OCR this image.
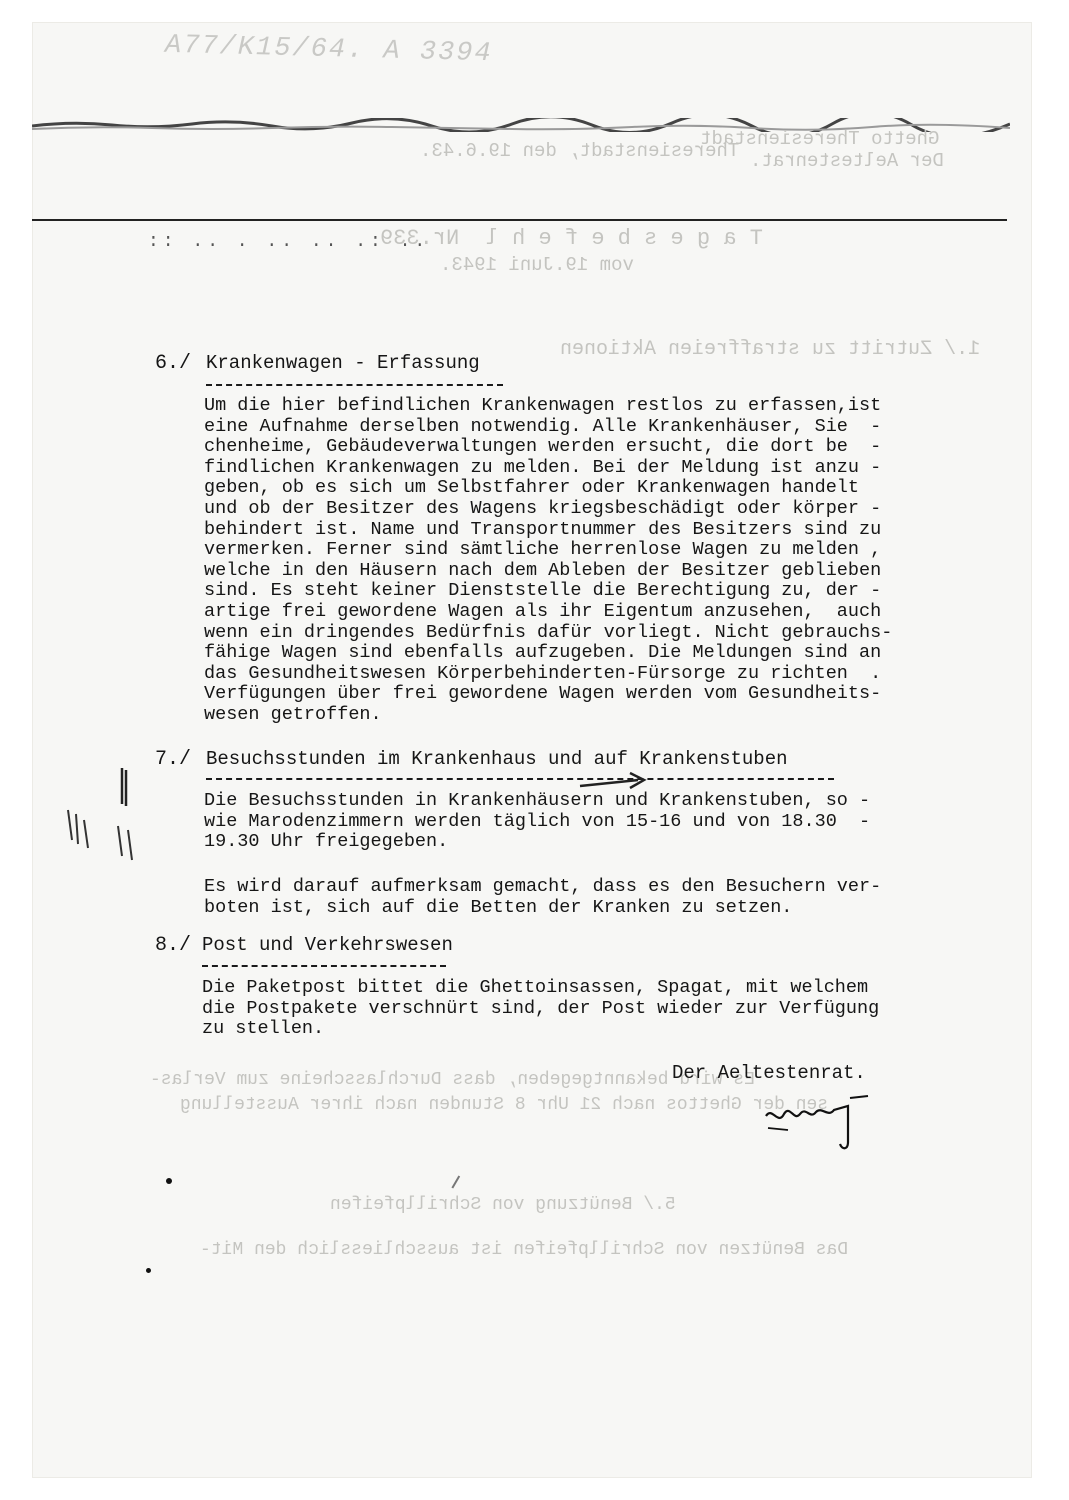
A77/K15/64. A 3394
Ghetto Theresienstadt
Der Aeltestenrat.
Theresienstadt, den 19.6.43.
T a g e s b e f e h l  Nr.339
vom 19.Juni 1943.
1./ Zutritt zu straffreien Aktionen
Es wird bekanntgegeben, dass Durchlasscheine zum Verlas-
sen der Ghettos nach 21 Uhr 8 Stunden nach ihrer Ausstellung
5./ Benützung von Schrillpfeifen
Das Benützen von Schrillpfeifen ist ausschliesslich den Mit-
:: .. . .. .. .: ..
6./ Krankenwagen - Erfassung
Um die hier befindlichen Krankenwagen restlos zu erfassen,ist
eine Aufnahme derselben notwendig. Alle Krankenhäuser, Sie  -
chenheime, Gebäudeverwaltungen werden ersucht, die dort be  -
findlichen Krankenwagen zu melden. Bei der Meldung ist anzu -
geben, ob es sich um Selbstfahrer oder Krankenwagen handelt
und ob der Besitzer des Wagens kriegsbeschädigt oder körper -
behindert ist. Name und Transportnummer des Besitzers sind zu
vermerken. Ferner sind sämtliche herrenlose Wagen zu melden ,
welche in den Häusern nach dem Ableben der Besitzer geblieben
sind. Es steht keiner Dienststelle die Berechtigung zu, der -
artige frei gewordene Wagen als ihr Eigentum anzusehen,  auch
wenn ein dringendes Bedürfnis dafür vorliegt. Nicht gebrauchs-
fähige Wagen sind ebenfalls aufzugeben. Die Meldungen sind an
das Gesundheitswesen Körperbehinderten-Fürsorge zu richten  .
Verfügungen über frei gewordene Wagen werden vom Gesundheits-
wesen getroffen.
7./ Besuchsstunden im Krankenhaus und auf Krankenstuben
Die Besuchsstunden in Krankenhäusern und Krankenstuben, so -
wie Marodenzimmern werden täglich von 15-16 und von 18.30  -
19.30 Uhr freigegeben.
Es wird darauf aufmerksam gemacht, dass es den Besuchern ver-
boten ist, sich auf die Betten der Kranken zu setzen.
8./ Post und Verkehrswesen
Die Paketpost bittet die Ghettoinsassen, Spagat, mit welchem
die Postpakete verschnürt sind, der Post wieder zur Verfügung
zu stellen.
Der Aeltestenrat.
